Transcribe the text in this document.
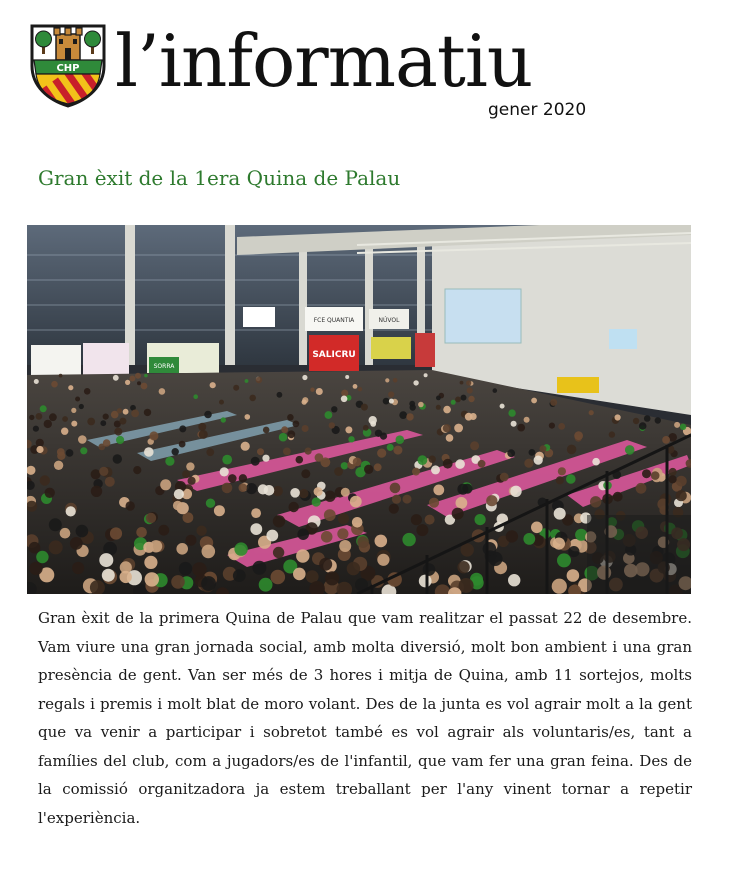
CHP l’informatiu
gener 2020
Gran èxit de la 1era Quina de Palau
FCE QUANTIA
SALICRU
NÚVOL
SORRA

Gran èxit de la primera Quina de Palau que vam realitzar el passat 22 de desembre. Vam viure una gran jornada social, amb molta diversió, molt bon ambient i una gran presència de gent. Van ser més de 3 hores i mitja de Quina, amb 11 sortejos, molts regals i premis i molt blat de moro volant. Des de la junta es vol agrair molt a la gent que va venir a participar i sobretot també es vol agrair als voluntaris/es, tant a famílies del club, com a jugadors/es de l'infantil, que vam fer una gran feina. Des de la comissió organitzadora ja estem treballant per l'any vinent tornar a repetir l'experiència.
